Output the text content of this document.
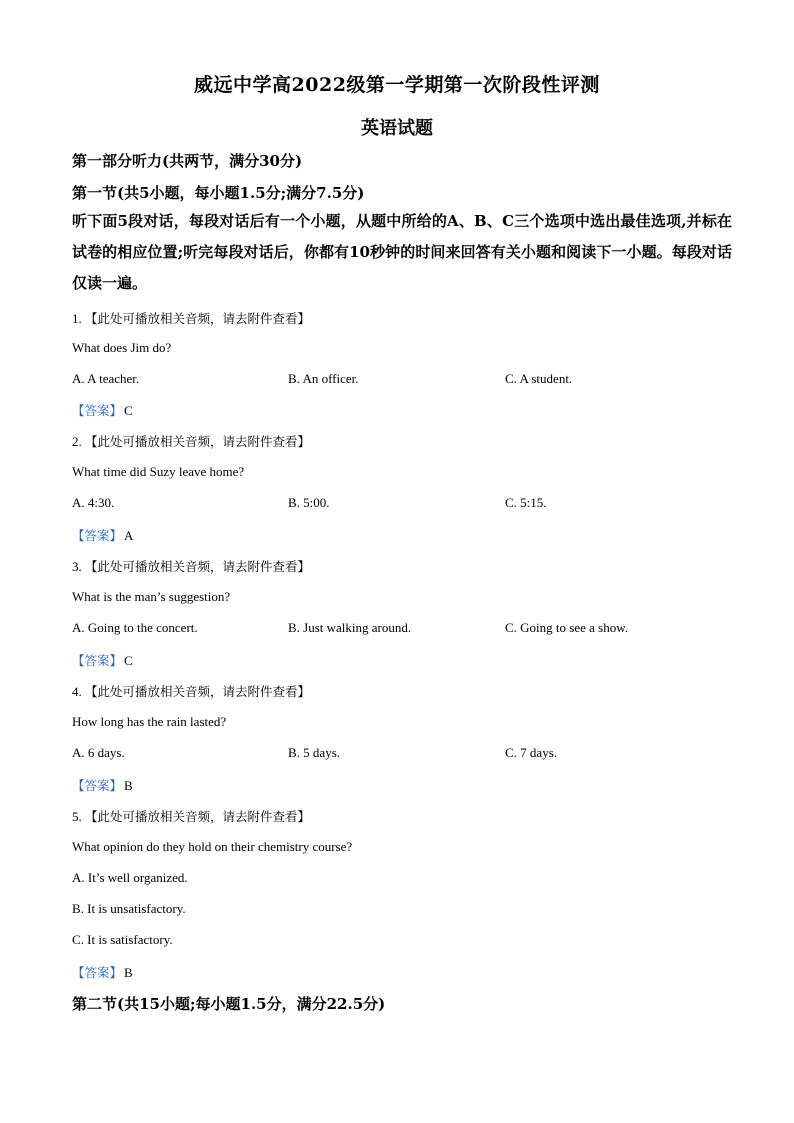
威远中学高2022级第一学期第一次阶段性评测
英语试题
第一部分听力(共两节，满分30分)
第一节(共5小题，每小题1.5分;满分7.5分)
听下面5段对话，每段对话后有一个小题，从题中所给的A、B、C三个选项中选出最佳选项,并标在试卷的相应位置;听完每段对话后，你都有10秒钟的时间来回答有关小题和阅读下一小题。每段对话仅读一遍。
1. 【此处可播放相关音频，请去附件查看】
What does Jim do?
A. A teacher.	B. An officer.	C. A student.
【答案】 C
2. 【此处可播放相关音频，请去附件查看】
What time did Suzy leave home?
A. 4:30.	B. 5:00.	C. 5:15.
【答案】 A
3. 【此处可播放相关音频，请去附件查看】
What is the man’s suggestion?
A. Going to the concert.	B. Just walking around.	C. Going to see a show.
【答案】 C
4. 【此处可播放相关音频，请去附件查看】
How long has the rain lasted?
A. 6 days.	B. 5 days.	C. 7 days.
【答案】 B
5. 【此处可播放相关音频，请去附件查看】
What opinion do they hold on their chemistry course?
A. It’s well organized.
B. It is unsatisfactory.
C. It is satisfactory.
【答案】 B
第二节(共15小题;每小题1.5分，满分22.5分)
